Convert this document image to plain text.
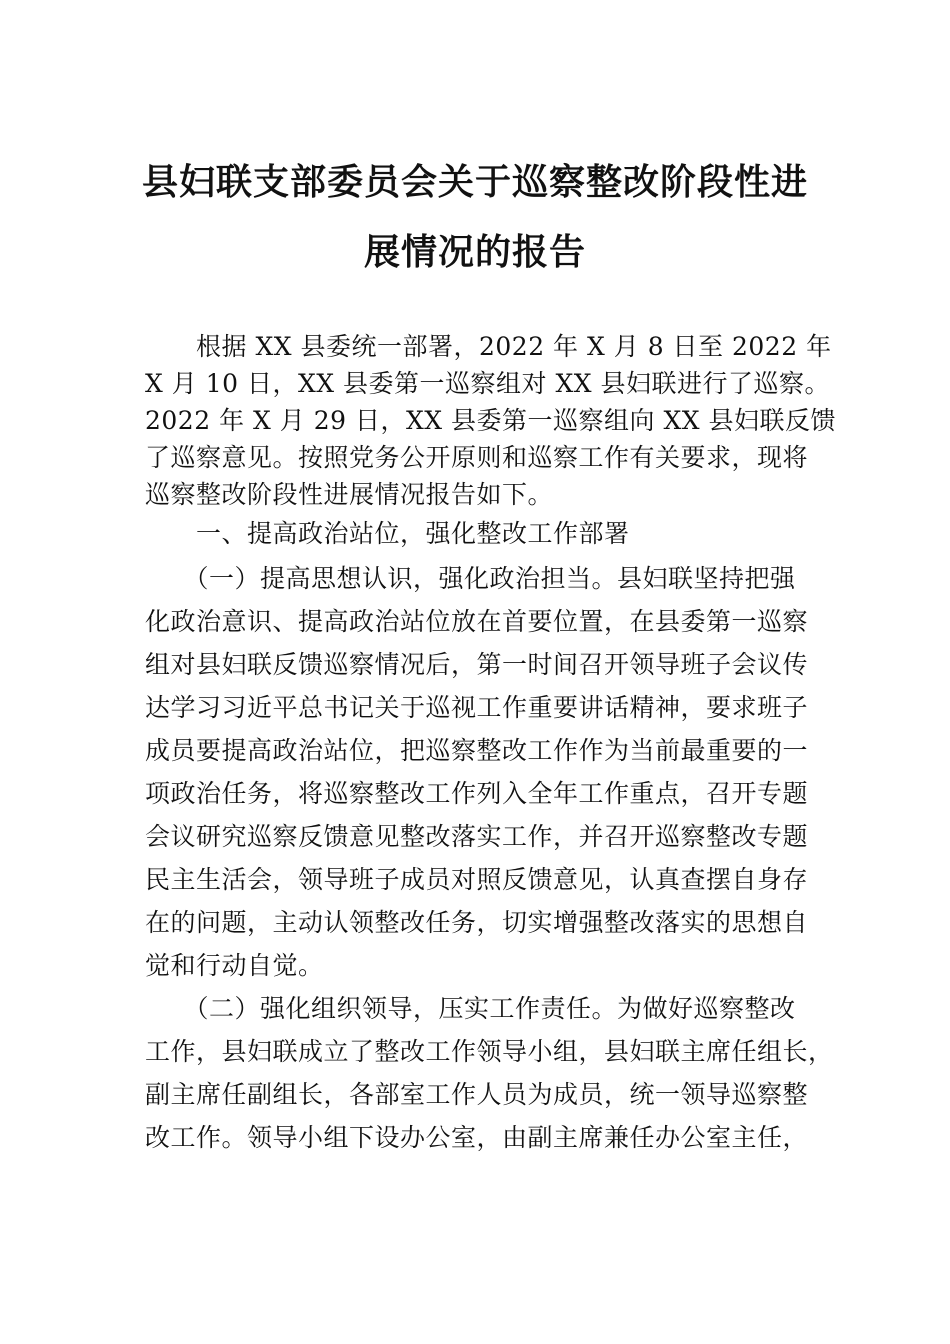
县妇联支部委员会关于巡察整改阶段性进
展情况的报告
　　根据 XX 县委统一部署，2022 年 X 月 8 日至 2022 年
X 月 10 日，XX 县委第一巡察组对 XX 县妇联进行了巡察。
2022 年 X 月 29 日，XX 县委第一巡察组向 XX 县妇联反馈
了巡察意见。按照党务公开原则和巡察工作有关要求，现将
巡察整改阶段性进展情况报告如下。
　　一、提高政治站位，强化整改工作部署
　　（一）提高思想认识，强化政治担当。县妇联坚持把强
化政治意识、提高政治站位放在首要位置，在县委第一巡察
组对县妇联反馈巡察情况后，第一时间召开领导班子会议传
达学习习近平总书记关于巡视工作重要讲话精神，要求班子
成员要提高政治站位，把巡察整改工作作为当前最重要的一
项政治任务，将巡察整改工作列入全年工作重点，召开专题
会议研究巡察反馈意见整改落实工作，并召开巡察整改专题
民主生活会，领导班子成员对照反馈意见，认真查摆自身存
在的问题，主动认领整改任务，切实增强整改落实的思想自
觉和行动自觉。
　　（二）强化组织领导，压实工作责任。为做好巡察整改
工作，县妇联成立了整改工作领导小组，县妇联主席任组长，
副主席任副组长，各部室工作人员为成员，统一领导巡察整
改工作。领导小组下设办公室，由副主席兼任办公室主任，
